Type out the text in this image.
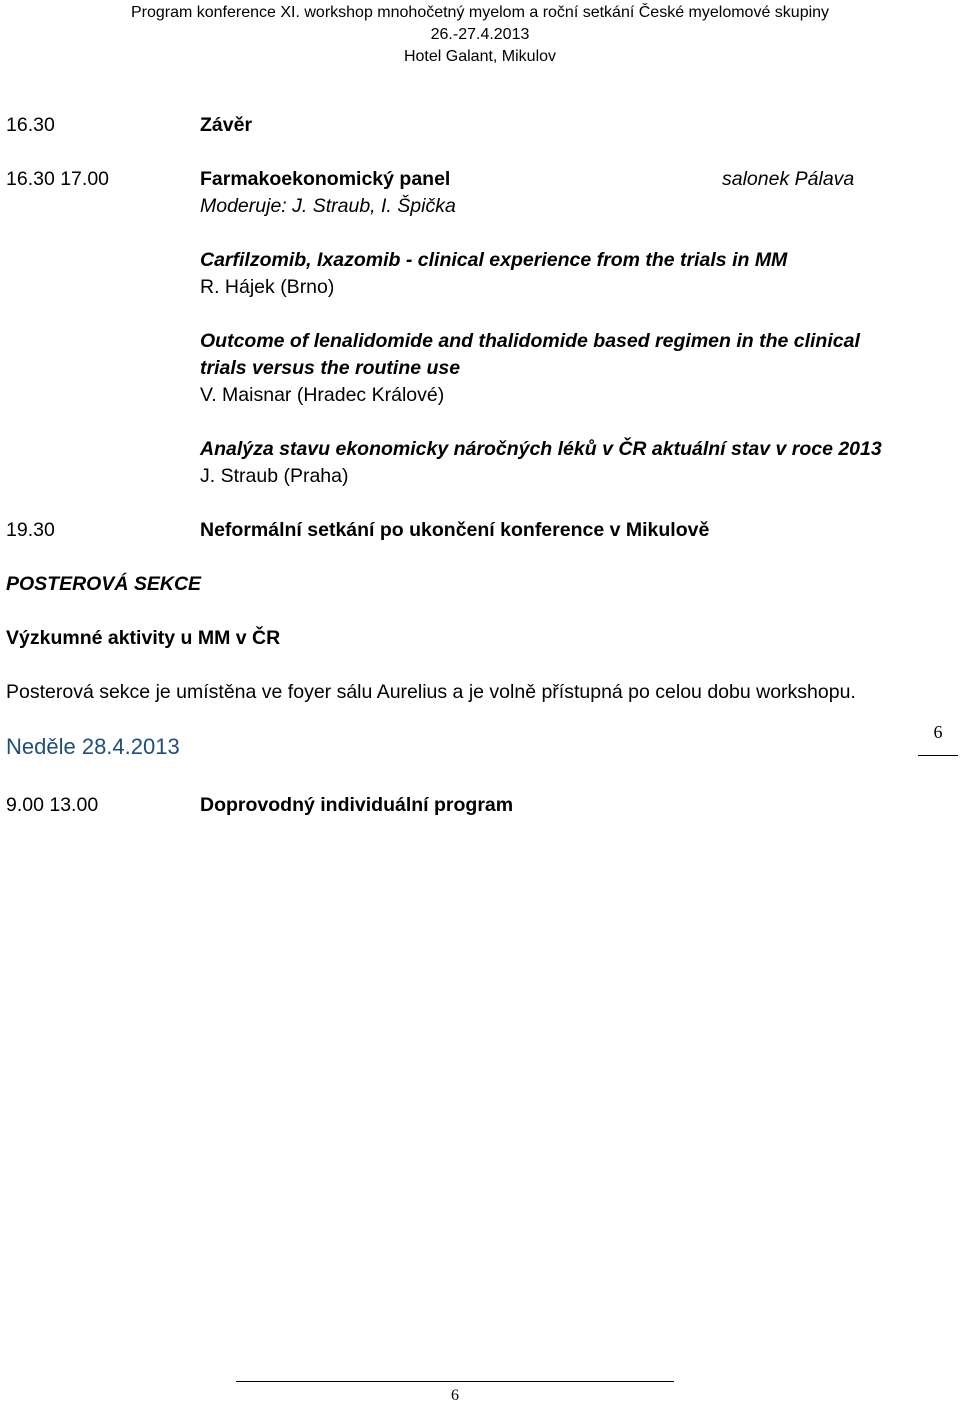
Program konference XI. workshop mnohočetný myelom a roční setkání České myelomové skupiny
26.-27.4.2013
Hotel Galant, Mikulov
16.30	Závěr
16.30 17.00	Farmakoekonomický panel	salonek Pálava
Moderuje: J. Straub, I. Špička
Carfilzomib, Ixazomib - clinical experience from the trials in MM
R. Hájek (Brno)
Outcome of lenalidomide and thalidomide based regimen in the clinical
trials versus the routine use
V. Maisnar (Hradec Králové)
Analýza stavu ekonomicky náročných léků v ČR aktuální stav v roce 2013
J. Straub (Praha)
19.30	Neformální setkání po ukončení konference v Mikulově
POSTEROVÁ SEKCE
Výzkumné aktivity u MM v ČR
Posterová sekce je umístěna ve foyer sálu Aurelius a je volně přístupná po celou dobu workshopu.
Neděle 28.4.2013
6
9.00 13.00	Doprovodný individuální program
6
